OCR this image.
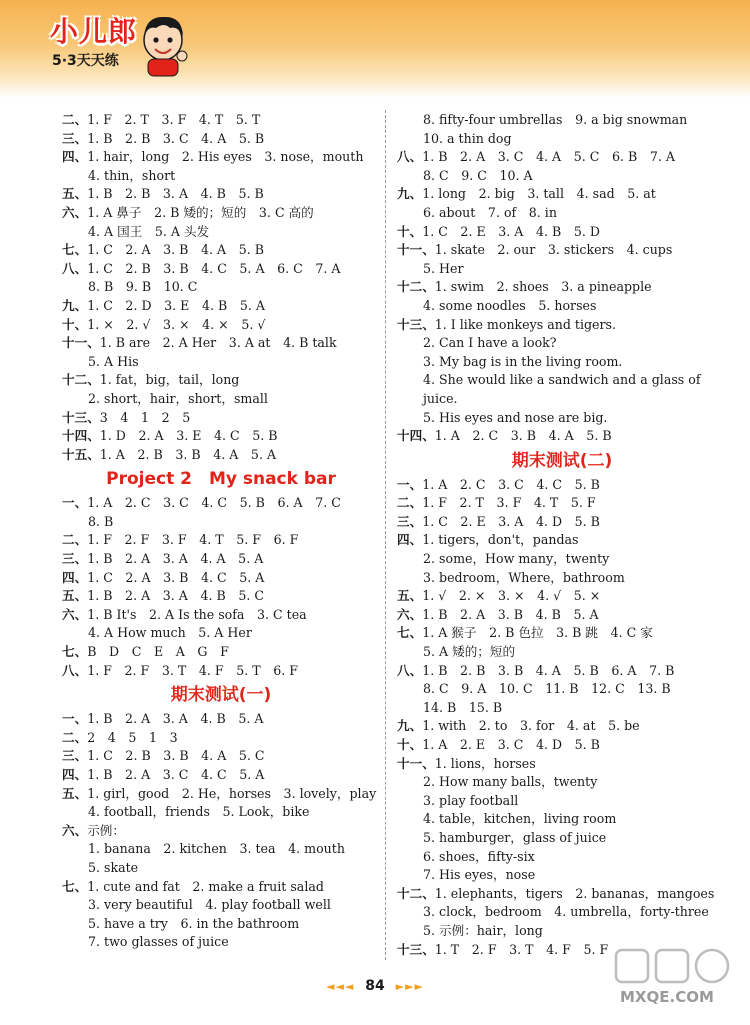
小儿郎
5·3天天练
二、1. F　2. T　3. F　4. T　5. T
三、1. B　2. B　3. C　4. A　5. B
四、1. hair，long　2. His eyes　3. nose，mouth
4. thin，short
五、1. B　2. B　3. A　4. B　5. B
六、1. A 鼻子　2. B 矮的；短的　3. C 高的
4. A 国王　5. A 头发
七、1. C　2. A　3. B　4. A　5. B
八、1. C　2. B　3. B　4. C　5. A　6. C　7. A
8. B　9. B　10. C
九、1. C　2. D　3. E　4. B　5. A
十、1. ×　2. √　3. ×　4. ×　5. √
十一、1. B are　2. A Her　3. A at　4. B talk
5. A His
十二、1. fat，big，tail，long
2. short，hair，short，small
十三、3　4　1　2　5
十四、1. D　2. A　3. E　4. C　5. B
十五、1. A　2. B　3. B　4. A　5. A
Project 2　My snack bar
一、1. A　2. C　3. C　4. C　5. B　6. A　7. C
8. B
二、1. F　2. F　3. F　4. T　5. F　6. F
三、1. B　2. A　3. A　4. A　5. A
四、1. C　2. A　3. B　4. C　5. A
五、1. B　2. A　3. A　4. B　5. C
六、1. B It's　2. A Is the sofa　3. C tea
4. A How much　5. A Her
七、B　D　C　E　A　G　F
八、1. F　2. F　3. T　4. F　5. T　6. F
期末测试(一)
一、1. B　2. A　3. A　4. B　5. A
二、2　4　5　1　3
三、1. C　2. B　3. B　4. A　5. C
四、1. B　2. A　3. C　4. C　5. A
五、1. girl，good　2. He，horses　3. lovely，play
4. football，friends　5. Look，bike
六、示例：
1. banana　2. kitchen　3. tea　4. mouth
5. skate
七、1. cute and fat　2. make a fruit salad
3. very beautiful　4. play football well
5. have a try　6. in the bathroom
7. two glasses of juice
8. fifty-four umbrellas　9. a big snowman
10. a thin dog
八、1. B　2. A　3. C　4. A　5. C　6. B　7. A
8. C　9. C　10. A
九、1. long　2. big　3. tall　4. sad　5. at
6. about　7. of　8. in
十、1. C　2. E　3. A　4. B　5. D
十一、1. skate　2. our　3. stickers　4. cups
5. Her
十二、1. swim　2. shoes　3. a pineapple
4. some noodles　5. horses
十三、1. I like monkeys and tigers.
2. Can I have a look?
3. My bag is in the living room.
4. She would like a sandwich and a glass of
juice.
5. His eyes and nose are big.
十四、1. A　2. C　3. B　4. A　5. B
期末测试(二)
一、1. A　2. C　3. C　4. C　5. B
二、1. F　2. T　3. F　4. T　5. F
三、1. C　2. E　3. A　4. D　5. B
四、1. tigers，don't，pandas
2. some，How many，twenty
3. bedroom，Where，bathroom
五、1. √　2. ×　3. ×　4. √　5. ×
六、1. B　2. A　3. B　4. B　5. A
七、1. A 猴子　2. B 色拉　3. B 跳　4. C 家
5. A 矮的；短的
八、1. B　2. B　3. B　4. A　5. B　6. A　7. B
8. C　9. A　10. C　11. B　12. C　13. B
14. B　15. B
九、1. with　2. to　3. for　4. at　5. be
十、1. A　2. E　3. C　4. D　5. B
十一、1. lions，horses
2. How many balls，twenty
3. play football
4. table，kitchen，living room
5. hamburger，glass of juice
6. shoes，fifty-six
7. His eyes，nose
十二、1. elephants，tigers　2. bananas，mangoes
3. clock，bedroom　4. umbrella，forty-three
5. 示例：hair，long
十三、1. T　2. F　3. T　4. F　5. F
◄◄◄ 84 ►►►
MXQE.COM
